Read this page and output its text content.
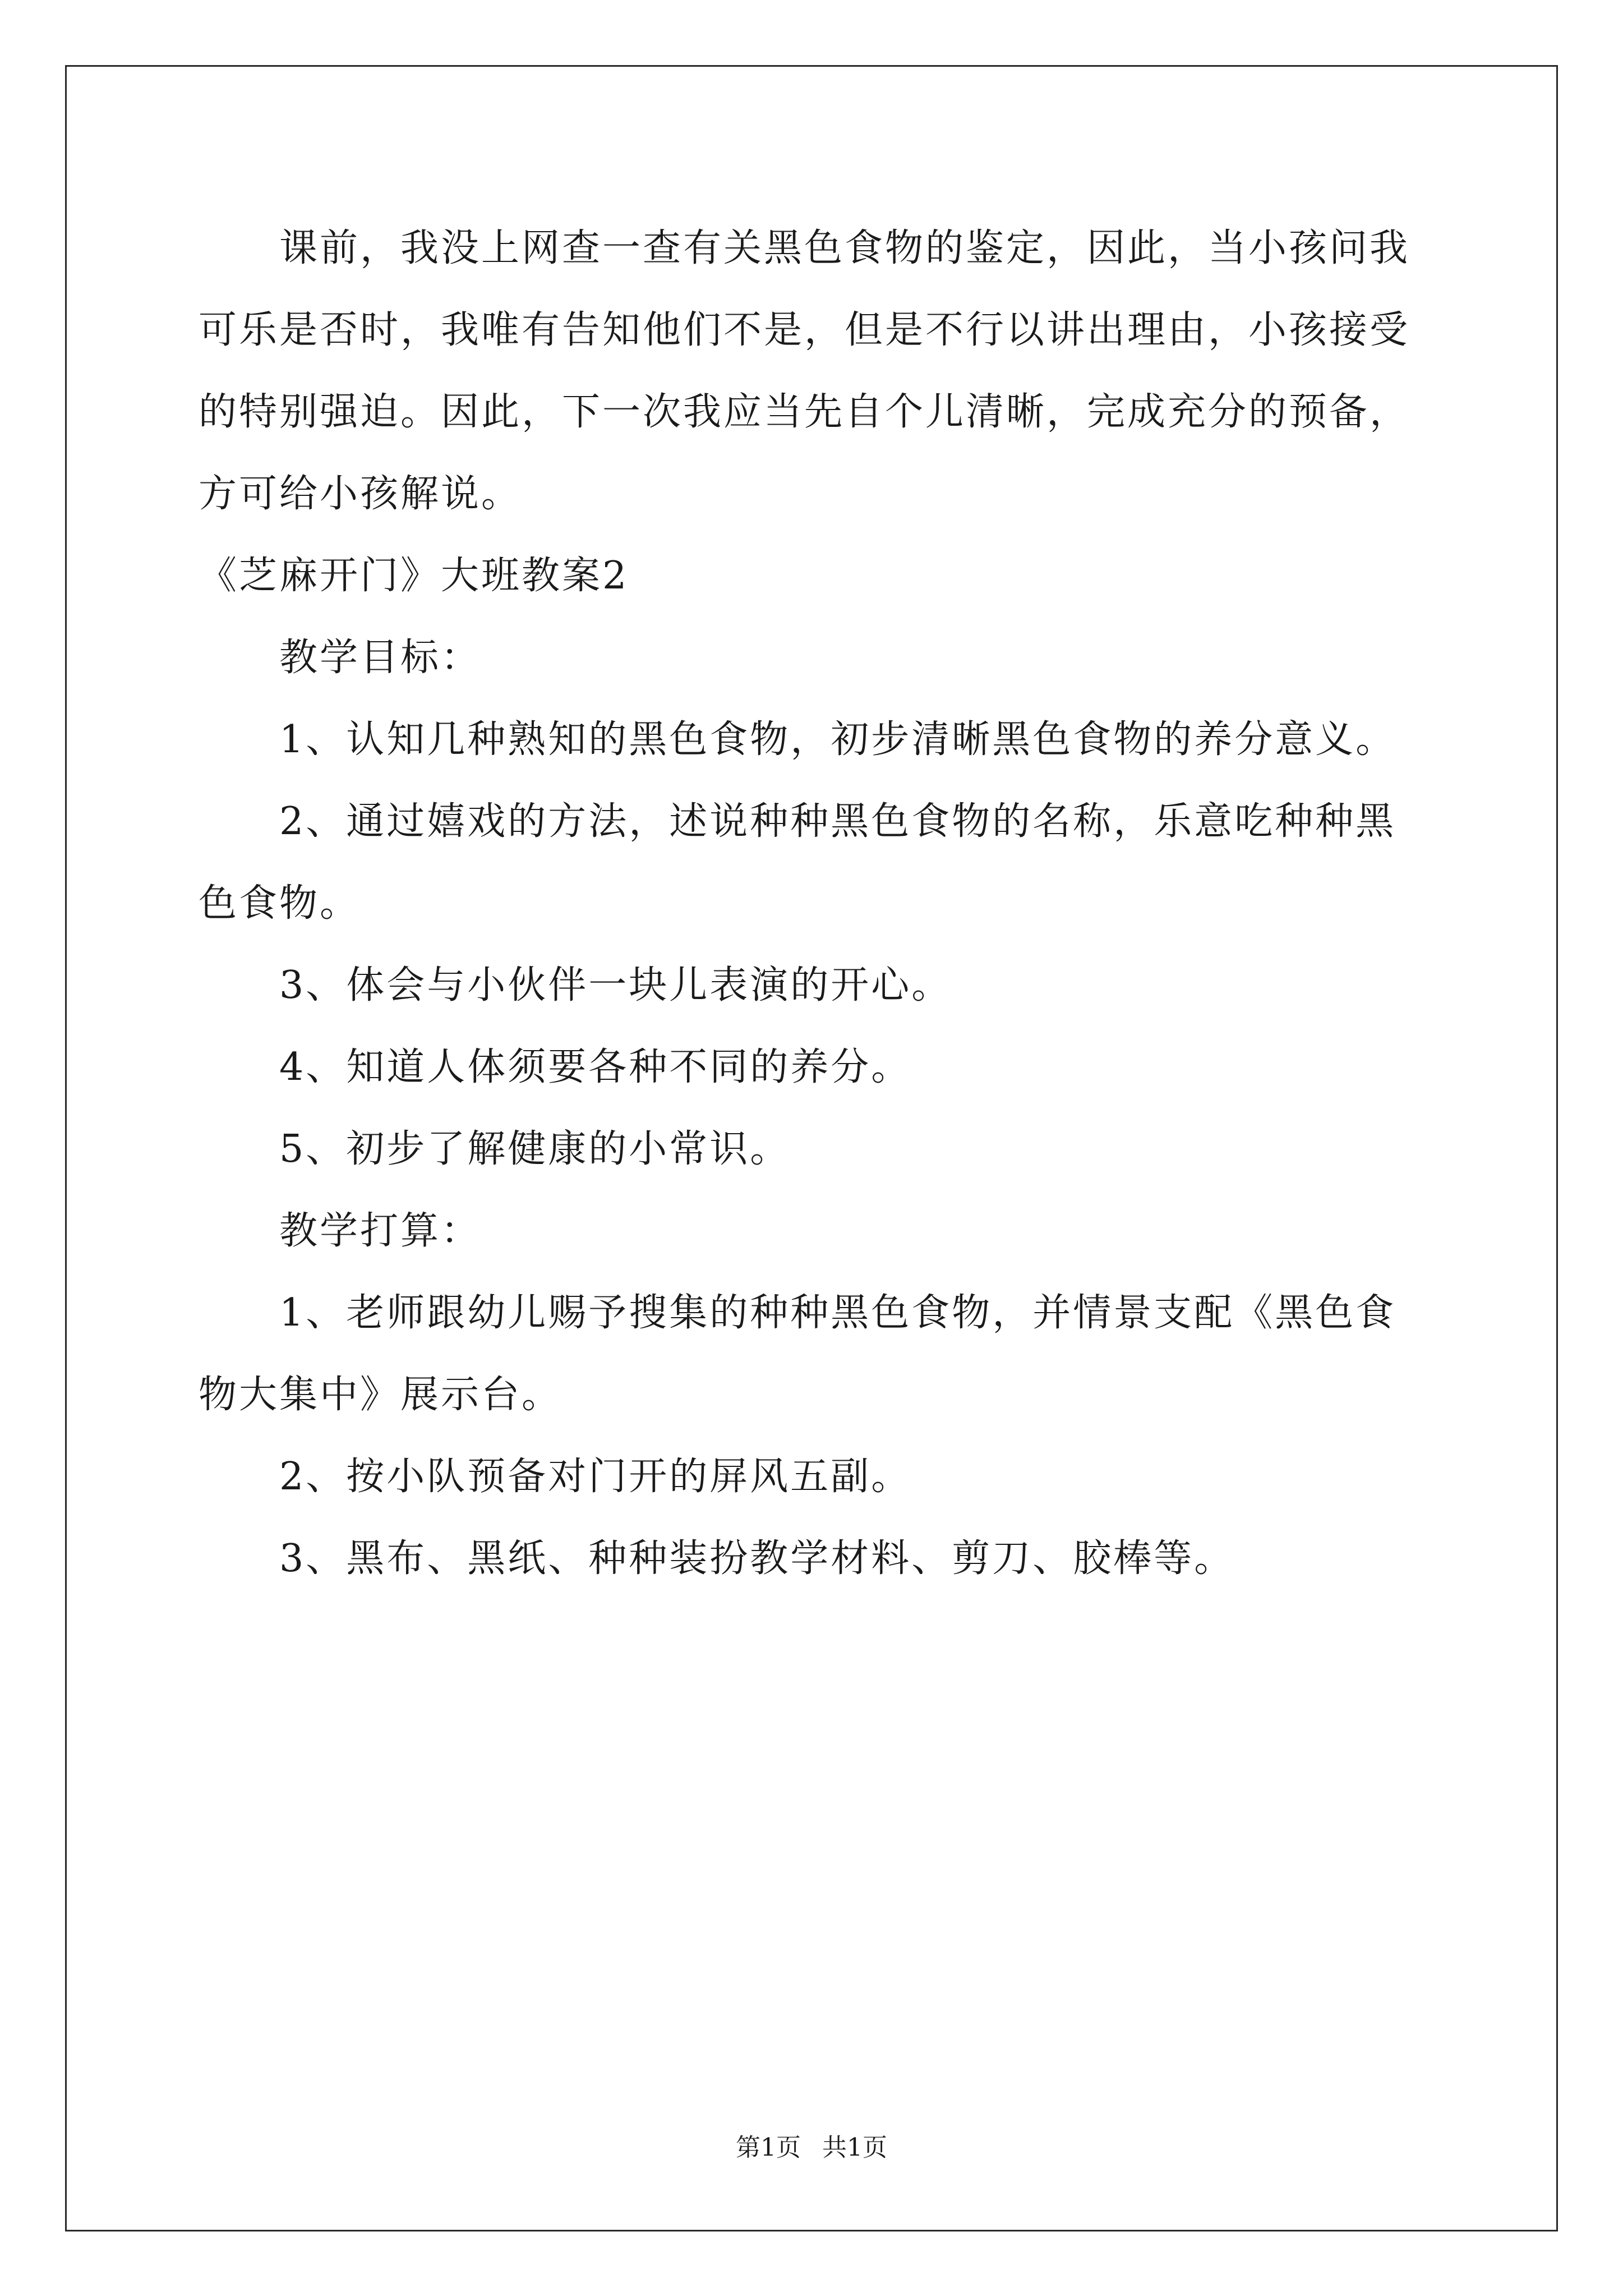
课前，我没上网查一查有关黑色食物的鉴定，因此，当小孩问我可乐是否时，我唯有告知他们不是，但是不行以讲出理由，小孩接受的特别强迫。因此，下一次我应当先自个儿清晰，完成充分的预备，方可给小孩解说。

《芝麻开门》大班教案2

教学目标：

1、认知几种熟知的黑色食物，初步清晰黑色食物的养分意义。

2、通过嬉戏的方法，述说种种黑色食物的名称，乐意吃种种黑色食物。

3、体会与小伙伴一块儿表演的开心。

4、知道人体须要各种不同的养分。

5、初步了解健康的小常识。

教学打算：

1、老师跟幼儿赐予搜集的种种黑色食物，并情景支配《黑色食物大集中》展示台。

2、按小队预备对门开的屏风五副。

3、黑布、黑纸、种种装扮教学材料、剪刀、胶棒等。

第1页 共1页
